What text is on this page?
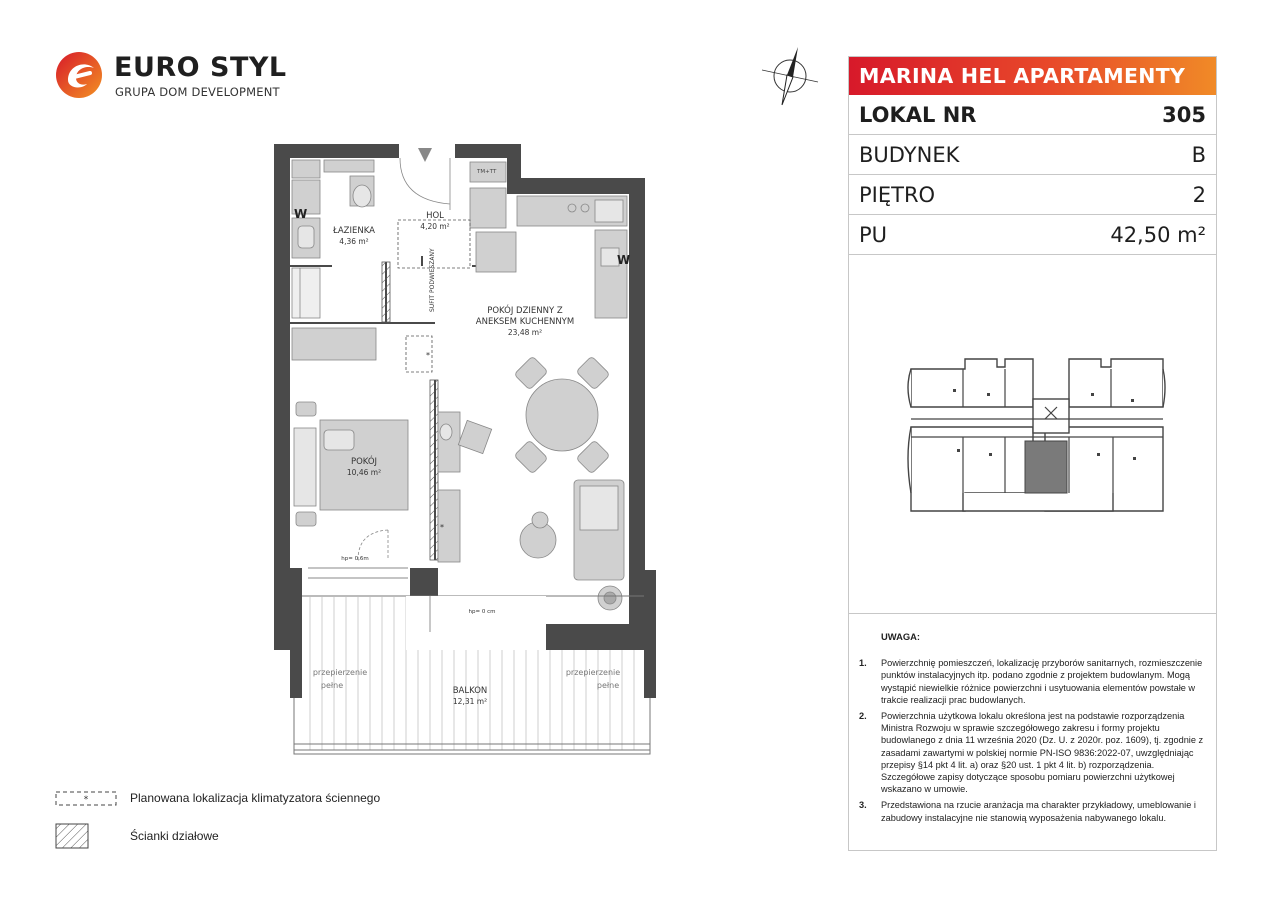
EURO STYL
GRUPA DOM DEVELOPMENT
W
TM+TT
W
*
*
ŁAZIENKA
4,36 m²
HOL
4,20 m²
POKÓJ DZIENNY Z
ANEKSEM KUCHENNYM
23,48 m²
POKÓJ
10,46 m²
BALKON
12,31 m²
hp= 0,6m
hp= 0 cm
przepierzenie
pełne
przepierzenie
pełne
SUFIT PODWIESZANY
MARINA HEL APARTAMENTY
LOKAL NR	305
BUDYNEK	B
PIĘTRO	2
PU	42,50 m²
UWAGA:
1.	Powierzchnię pomieszczeń, lokalizację przyborów sanitarnych, rozmieszczenie punktów instalacyjnych itp. podano zgodnie z projektem budowlanym. Mogą wystąpić niewielkie różnice powierzchni i usytuowania elementów powstałe w trakcie realizacji prac budowlanych.
2.	Powierzchnia użytkowa lokalu określona jest na podstawie rozporządzenia Ministra Rozwoju w sprawie szczegółowego zakresu i formy projektu budowlanego z dnia 11 września 2020 (Dz. U. z 2020r. poz. 1609), tj. zgodnie z zasadami zawartymi w polskiej normie PN-ISO 9836:2022-07, uwzględniając przepisy §14 pkt 4 lit. a) oraz §20 ust. 1 pkt 4 lit. b) rozporządzenia. Szczegółowe zapisy dotyczące sposobu pomiaru powierzchni użytkowej wskazano w umowie.
3.	Przedstawiona na rzucie aranżacja ma charakter przykładowy, umeblowanie i zabudowy instalacyjne nie stanowią wyposażenia nabywanego lokalu.
*	Planowana lokalizacja klimatyzatora ściennego
Ścianki działowe
